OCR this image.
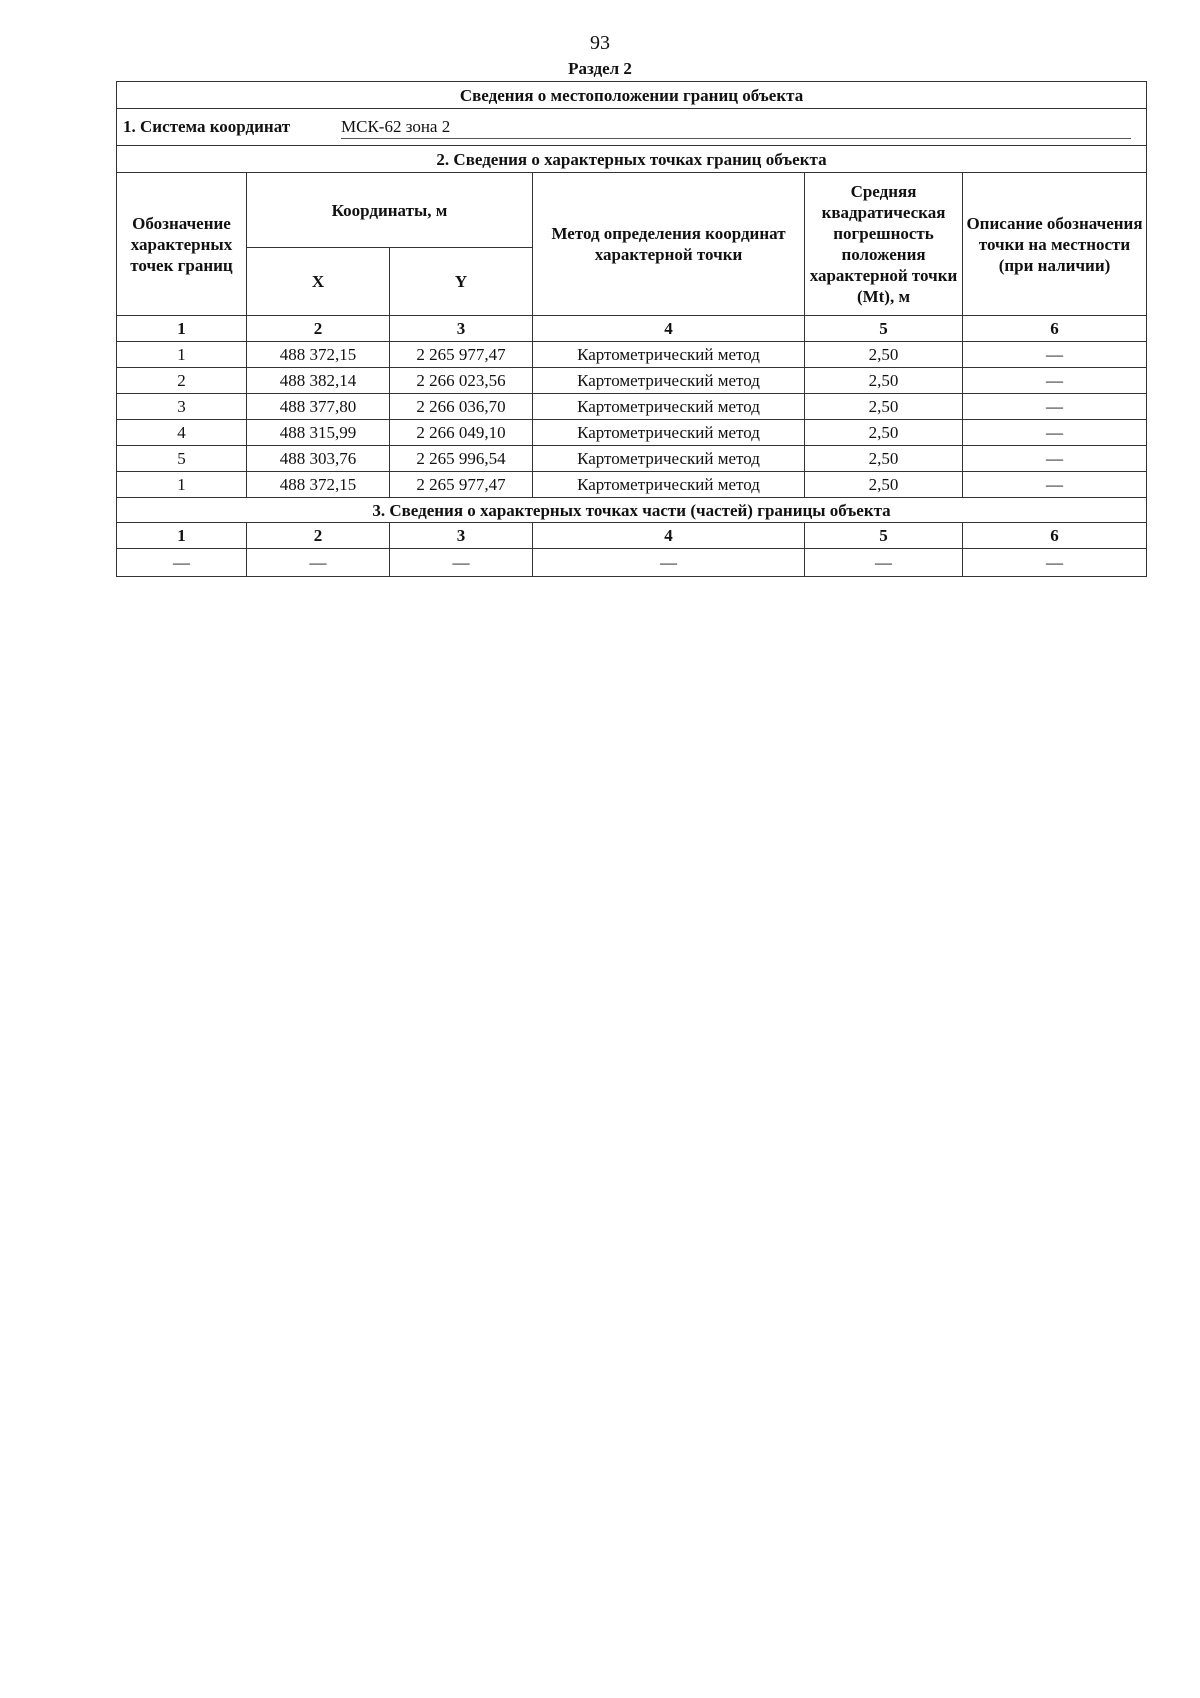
93
Раздел 2
Сведения о местоположении границ объекта					
1. Система координат МСК-62 зона 2					
2. Сведения о характерных точках границ объекта					
Обозначение характерных точек границ	Координаты, м		Метод определения координат характерной точки	Средняя квадратическая погрешность положения характерной точки (Mt), м	Описание обозначения точки на местности (при наличии)
	X	Y			
1	2	3	4	5	6
1	488 372,15	2 265 977,47	Картометрический метод	2,50	—
2	488 382,14	2 266 023,56	Картометрический метод	2,50	—
3	488 377,80	2 266 036,70	Картометрический метод	2,50	—
4	488 315,99	2 266 049,10	Картометрический метод	2,50	—
5	488 303,76	2 265 996,54	Картометрический метод	2,50	—
1	488 372,15	2 265 977,47	Картометрический метод	2,50	—
3. Сведения о характерных точках части (частей) границы объекта					
1	2	3	4	5	6
—	—	—	—	—	—
